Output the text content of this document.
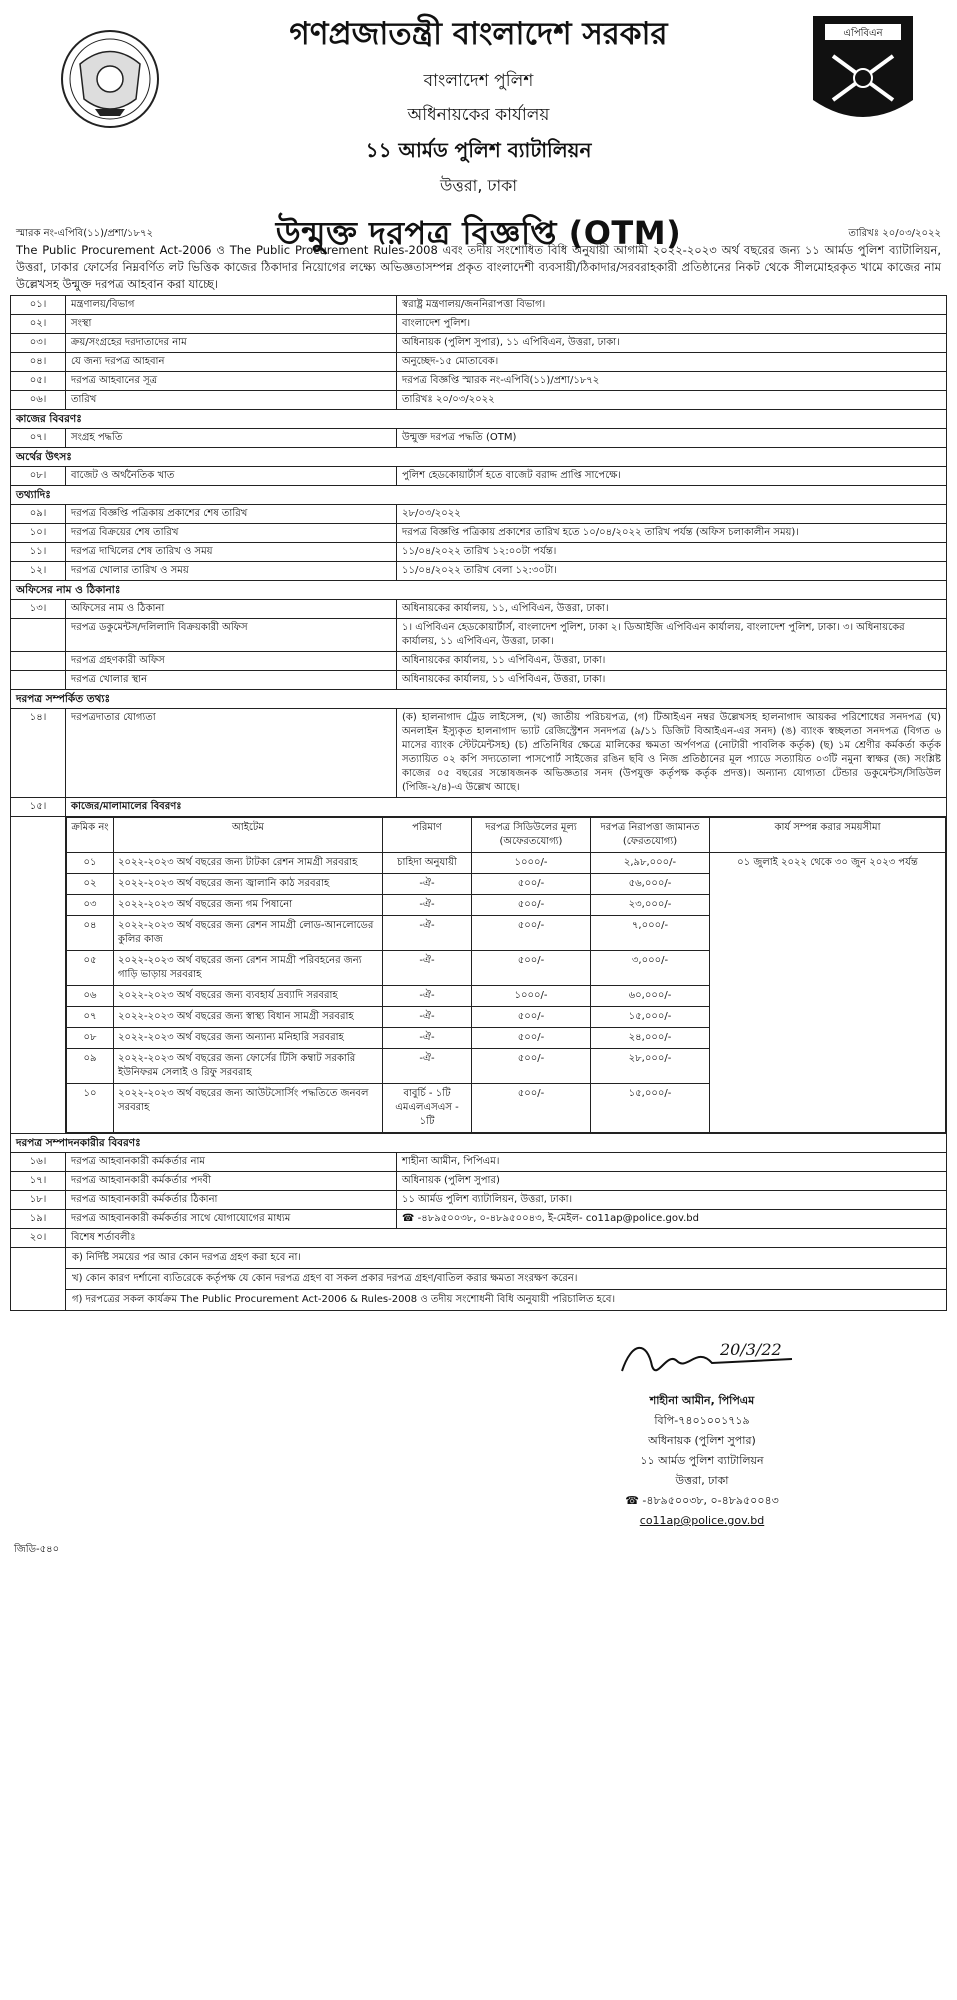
গণপ্রজাতন্ত্রী বাংলাদেশ সরকার
বাংলাদেশ পুলিশ
অধিনায়কের কার্যালয়
১১ আর্মড পুলিশ ব্যাটালিয়ন
উত্তরা, ঢাকা
উন্মুক্ত দরপত্র বিজ্ঞপ্তি (OTM)
এপিবিএন
স্মারক নং-এপিবি(১১)/প্রশা/১৮৭২	তারিখঃ ২০/০৩/২০২২
The Public Procurement Act-2006 ও The Public Procurement Rules-2008 এবং তদীয় সংশোধিত বিধি অনুযায়ী আগামী ২০২২-২০২৩ অর্থ বছরের জন্য ১১ আর্মড পুলিশ ব্যাটালিয়ন, উত্তরা, ঢাকার ফোর্সের নিম্নবর্ণিত লট ভিত্তিক কাজের ঠিকাদার নিয়োগের লক্ষ্যে অভিজ্ঞতাসম্পন্ন প্রকৃত বাংলাদেশী ব্যবসায়ী/ঠিকাদার/সরবরাহকারী প্রতিষ্ঠানের নিকট থেকে সীলমোহরকৃত খামে কাজের নাম উল্লেখসহ উন্মুক্ত দরপত্র আহবান করা যাচ্ছে।
০১।	মন্ত্রণালয়/বিভাগ	স্বরাষ্ট্র মন্ত্রণালয়/জননিরাপত্তা বিভাগ।
০২।	সংস্থা	বাংলাদেশ পুলিশ।
০৩।	ক্রয়/সংগ্রহের দরদাতাদের নাম	অধিনায়ক (পুলিশ সুপার), ১১ এপিবিএন, উত্তরা, ঢাকা।
০৪।	যে জন্য দরপত্র আহবান	অনুচ্ছেদ-১৫ মোতাবেক।
০৫।	দরপত্র আহবানের সূত্র	দরপত্র বিজ্ঞপ্তি স্মারক নং-এপিবি(১১)/প্রশা/১৮৭২
০৬।	তারিখ	তারিখঃ ২০/০৩/২০২২
কাজের বিবরণঃ
০৭।	সংগ্রহ পদ্ধতি	উন্মুক্ত দরপত্র পদ্ধতি (OTM)
অর্থের উৎসঃ
০৮।	বাজেট ও অর্থনৈতিক খাত	পুলিশ হেডকোয়ার্টার্স হতে বাজেট বরাদ্দ প্রাপ্তি সাপেক্ষে।
তথ্যাদিঃ
০৯।	দরপত্র বিজ্ঞপ্তি পত্রিকায় প্রকাশের শেষ তারিখ	২৮/০৩/২০২২
১০।	দরপত্র বিক্রয়ের শেষ তারিখ	দরপত্র বিজ্ঞপ্তি পত্রিকায় প্রকাশের তারিখ হতে ১০/০৪/২০২২ তারিখ পর্যন্ত (অফিস চলাকালীন সময়)।
১১।	দরপত্র দাখিলের শেষ তারিখ ও সময়	১১/০৪/২০২২ তারিখ ১২:০০টা পর্যন্ত।
১২।	দরপত্র খোলার তারিখ ও সময়	১১/০৪/২০২২ তারিখ বেলা ১২:৩০টা।
অফিসের নাম ও ঠিকানাঃ
১৩।	অফিসের নাম ও ঠিকানা	অধিনায়কের কার্যালয়, ১১, এপিবিএন, উত্তরা, ঢাকা।
	দরপত্র ডকুমেন্টস/দলিলাদি বিক্রয়কারী অফিস	১। এপিবিএন হেডকোয়ার্টার্স, বাংলাদেশ পুলিশ, ঢাকা ২। ডিআইজি এপিবিএন কার্যালয়, বাংলাদেশ পুলিশ, ঢাকা। ৩। অধিনায়কের কার্যালয়, ১১ এপিবিএন, উত্তরা, ঢাকা।
	দরপত্র গ্রহণকারী অফিস	অধিনায়কের কার্যালয়, ১১ এপিবিএন, উত্তরা, ঢাকা।
	দরপত্র খোলার স্থান	অধিনায়কের কার্যালয়, ১১ এপিবিএন, উত্তরা, ঢাকা।
দরপত্র সম্পর্কিত তথ্যঃ
১৪।	দরপত্রদাতার যোগ্যতা	(ক) হালনাগাদ ট্রেড লাইসেন্স, (খ) জাতীয় পরিচয়পত্র, (গ) টিআইএন নম্বর উল্লেখসহ হালনাগাদ আয়কর পরিশোধের সনদপত্র (ঘ) অনলাইন ইস্যুকৃত হালনাগাদ ভ্যাট রেজিস্ট্রেশন সনদপত্র (৯/১১ ডিজিট বিআইএন-এর সনদ) (ঙ) ব্যাংক স্বচ্ছলতা সনদপত্র (বিগত ৬ মাসের ব্যাংক স্টেটমেন্টসহ) (চ) প্রতিনিধির ক্ষেত্রে মালিকের ক্ষমতা অর্পণপত্র (নোটারী পাবলিক কর্তৃক) (ছ) ১ম শ্রেণীর কর্মকর্তা কর্তৃক সত্যায়িত ০২ কপি সদ্যতোলা পাসপোর্ট সাইজের রঙিন ছবি ও নিজ প্রতিষ্ঠানের মূল প্যাডে সত্যায়িত ০৩টি নমুনা স্বাক্ষর (জ) সংশ্লিষ্ট কাজের ০৫ বছরের সন্তোষজনক অভিজ্ঞতার সনদ (উপযুক্ত কর্তৃপক্ষ কর্তৃক প্রদত্ত)। অন্যান্য যোগ্যতা টেন্ডার ডকুমেন্টস/সিডিউল (পিজি-২/৪)-এ উল্লেখ আছে।
১৫।	কাজের/মালামালের বিবরণঃ

ক্রমিক নং	আইটেম	পরিমাণ	দরপত্র সিডিউলের মূল্য (অফেরতযোগ্য)	দরপত্র নিরাপত্তা জামানত (ফেরতযোগ্য)	কার্য সম্পন্ন করার সময়সীমা
০১	২০২২-২০২৩ অর্থ বছরের জন্য টাটকা রেশন সামগ্রী সরবরাহ	চাহিদা অনুযায়ী	১০০০/-	২,৯৮,০০০/-	০১ জুলাই ২০২২ থেকে ৩০ জুন ২০২৩ পর্যন্ত
০২	২০২২-২০২৩ অর্থ বছরের জন্য জ্বালানি কাঠ সরবরাহ	-ঐ-	৫০০/-	৫৬,০০০/-
০৩	২০২২-২০২৩ অর্থ বছরের জন্য গম পিষানো	-ঐ-	৫০০/-	২৩,০০০/-
০৪	২০২২-২০২৩ অর্থ বছরের জন্য রেশন সামগ্রী লোড-আনলোডের কুলির কাজ	-ঐ-	৫০০/-	৭,০০০/-
০৫	২০২২-২০২৩ অর্থ বছরের জন্য রেশন সামগ্রী পরিবহনের জন্য গাড়ি ভাড়ায় সরবরাহ	-ঐ-	৫০০/-	৩,০০০/-
০৬	২০২২-২০২৩ অর্থ বছরের জন্য ব্যবহার্য দ্রব্যাদি সরবরাহ	-ঐ-	১০০০/-	৬০,০০০/-
০৭	২০২২-২০২৩ অর্থ বছরের জন্য স্বাস্থ্য বিধান সামগ্রী সরবরাহ	-ঐ-	৫০০/-	১৫,০০০/-
০৮	২০২২-২০২৩ অর্থ বছরের জন্য অন্যান্য মনিহারি সরবরাহ	-ঐ-	৫০০/-	২৪,০০০/-
০৯	২০২২-২০২৩ অর্থ বছরের জন্য ফোর্সের টিসি কম্বাট সরকারি ইউনিফরম সেলাই ও রিফু সরবরাহ	-ঐ-	৫০০/-	২৮,০০০/-
১০	২০২২-২০২৩ অর্থ বছরের জন্য আউটসোর্সিং পদ্ধতিতে জনবল সরবরাহ	বাবুর্চি - ১টি এমএলএসএস - ১টি	৫০০/-	১৫,০০০/-

দরপত্র সম্পাদনকারীর বিবরণঃ
১৬।	দরপত্র আহবানকারী কর্মকর্তার নাম	শাহীনা আমীন, পিপিএম।
১৭।	দরপত্র আহবানকারী কর্মকর্তার পদবী	অধিনায়ক (পুলিশ সুপার)
১৮।	দরপত্র আহবানকারী কর্মকর্তার ঠিকানা	১১ আর্মড পুলিশ ব্যাটালিয়ন, উত্তরা, ঢাকা।
১৯।	দরপত্র আহবানকারী কর্মকর্তার সাথে যোগাযোগের মাধ্যম	☎ -৪৮৯৫০০৩৮, ০-৪৮৯৫০০৪৩, ই-মেইল- co11ap@police.gov.bd
২০।	বিশেষ শর্তাবলীঃ

ক) নির্দিষ্ট সময়ের পর আর কোন দরপত্র গ্রহণ করা হবে না।
খ) কোন কারণ দর্শানো ব্যতিরেকে কর্তৃপক্ষ যে কোন দরপত্র গ্রহণ বা সকল প্রকার দরপত্র গ্রহণ/বাতিল করার ক্ষমতা সংরক্ষণ করেন।
গ) দরপত্রের সকল কার্যক্রম The Public Procurement Act-2006 & Rules-2008 ও তদীয় সংশোধনী বিধি অনুযায়ী পরিচালিত হবে।
20/3/22
শাহীনা আমীন, পিপিএম
বিপি-৭৪০১০০১৭১৯
অধিনায়ক (পুলিশ সুপার)
১১ আর্মড পুলিশ ব্যাটালিয়ন
উত্তরা, ঢাকা
☎ -৪৮৯৫০০৩৮, ০-৪৮৯৫০০৪৩
co11ap@police.gov.bd
জিডি-৫৪০
